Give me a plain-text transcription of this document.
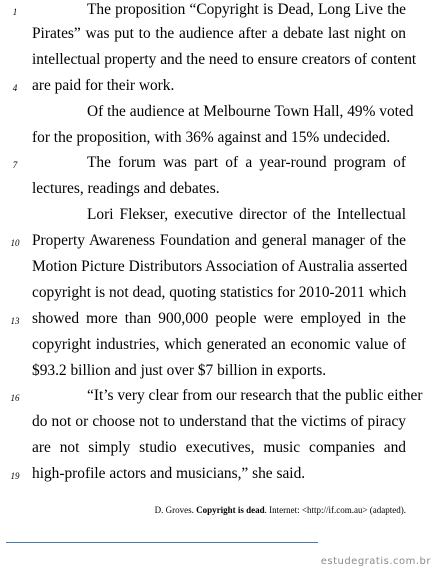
The proposition “Copyright is Dead, Long Live the
Pirates” was put to the audience after a debate last night on
intellectual property and the need to ensure creators of content
are paid for their work.
Of the audience at Melbourne Town Hall, 49% voted
for the proposition, with 36% against and 15% undecided.
The forum was part of a year-round program of
lectures, readings and debates.
Lori Flekser, executive director of the Intellectual
Property Awareness Foundation and general manager of the
Motion Picture Distributors Association of Australia asserted
copyright is not dead, quoting statistics for 2010-2011 which
showed more than 900,000 people were employed in the
copyright industries, which generated an economic value of
$93.2 billion and just over $7 billion in exports.
“It’s very clear from our research that the public either
do not or choose not to understand that the victims of piracy
are not simply studio executives, music companies and
high-profile actors and musicians,” she said.
1
4
7
10
13
16
19
D. Groves. Copyright is dead. Internet: <http://if.com.au> (adapted).
estudegratis.com.br
